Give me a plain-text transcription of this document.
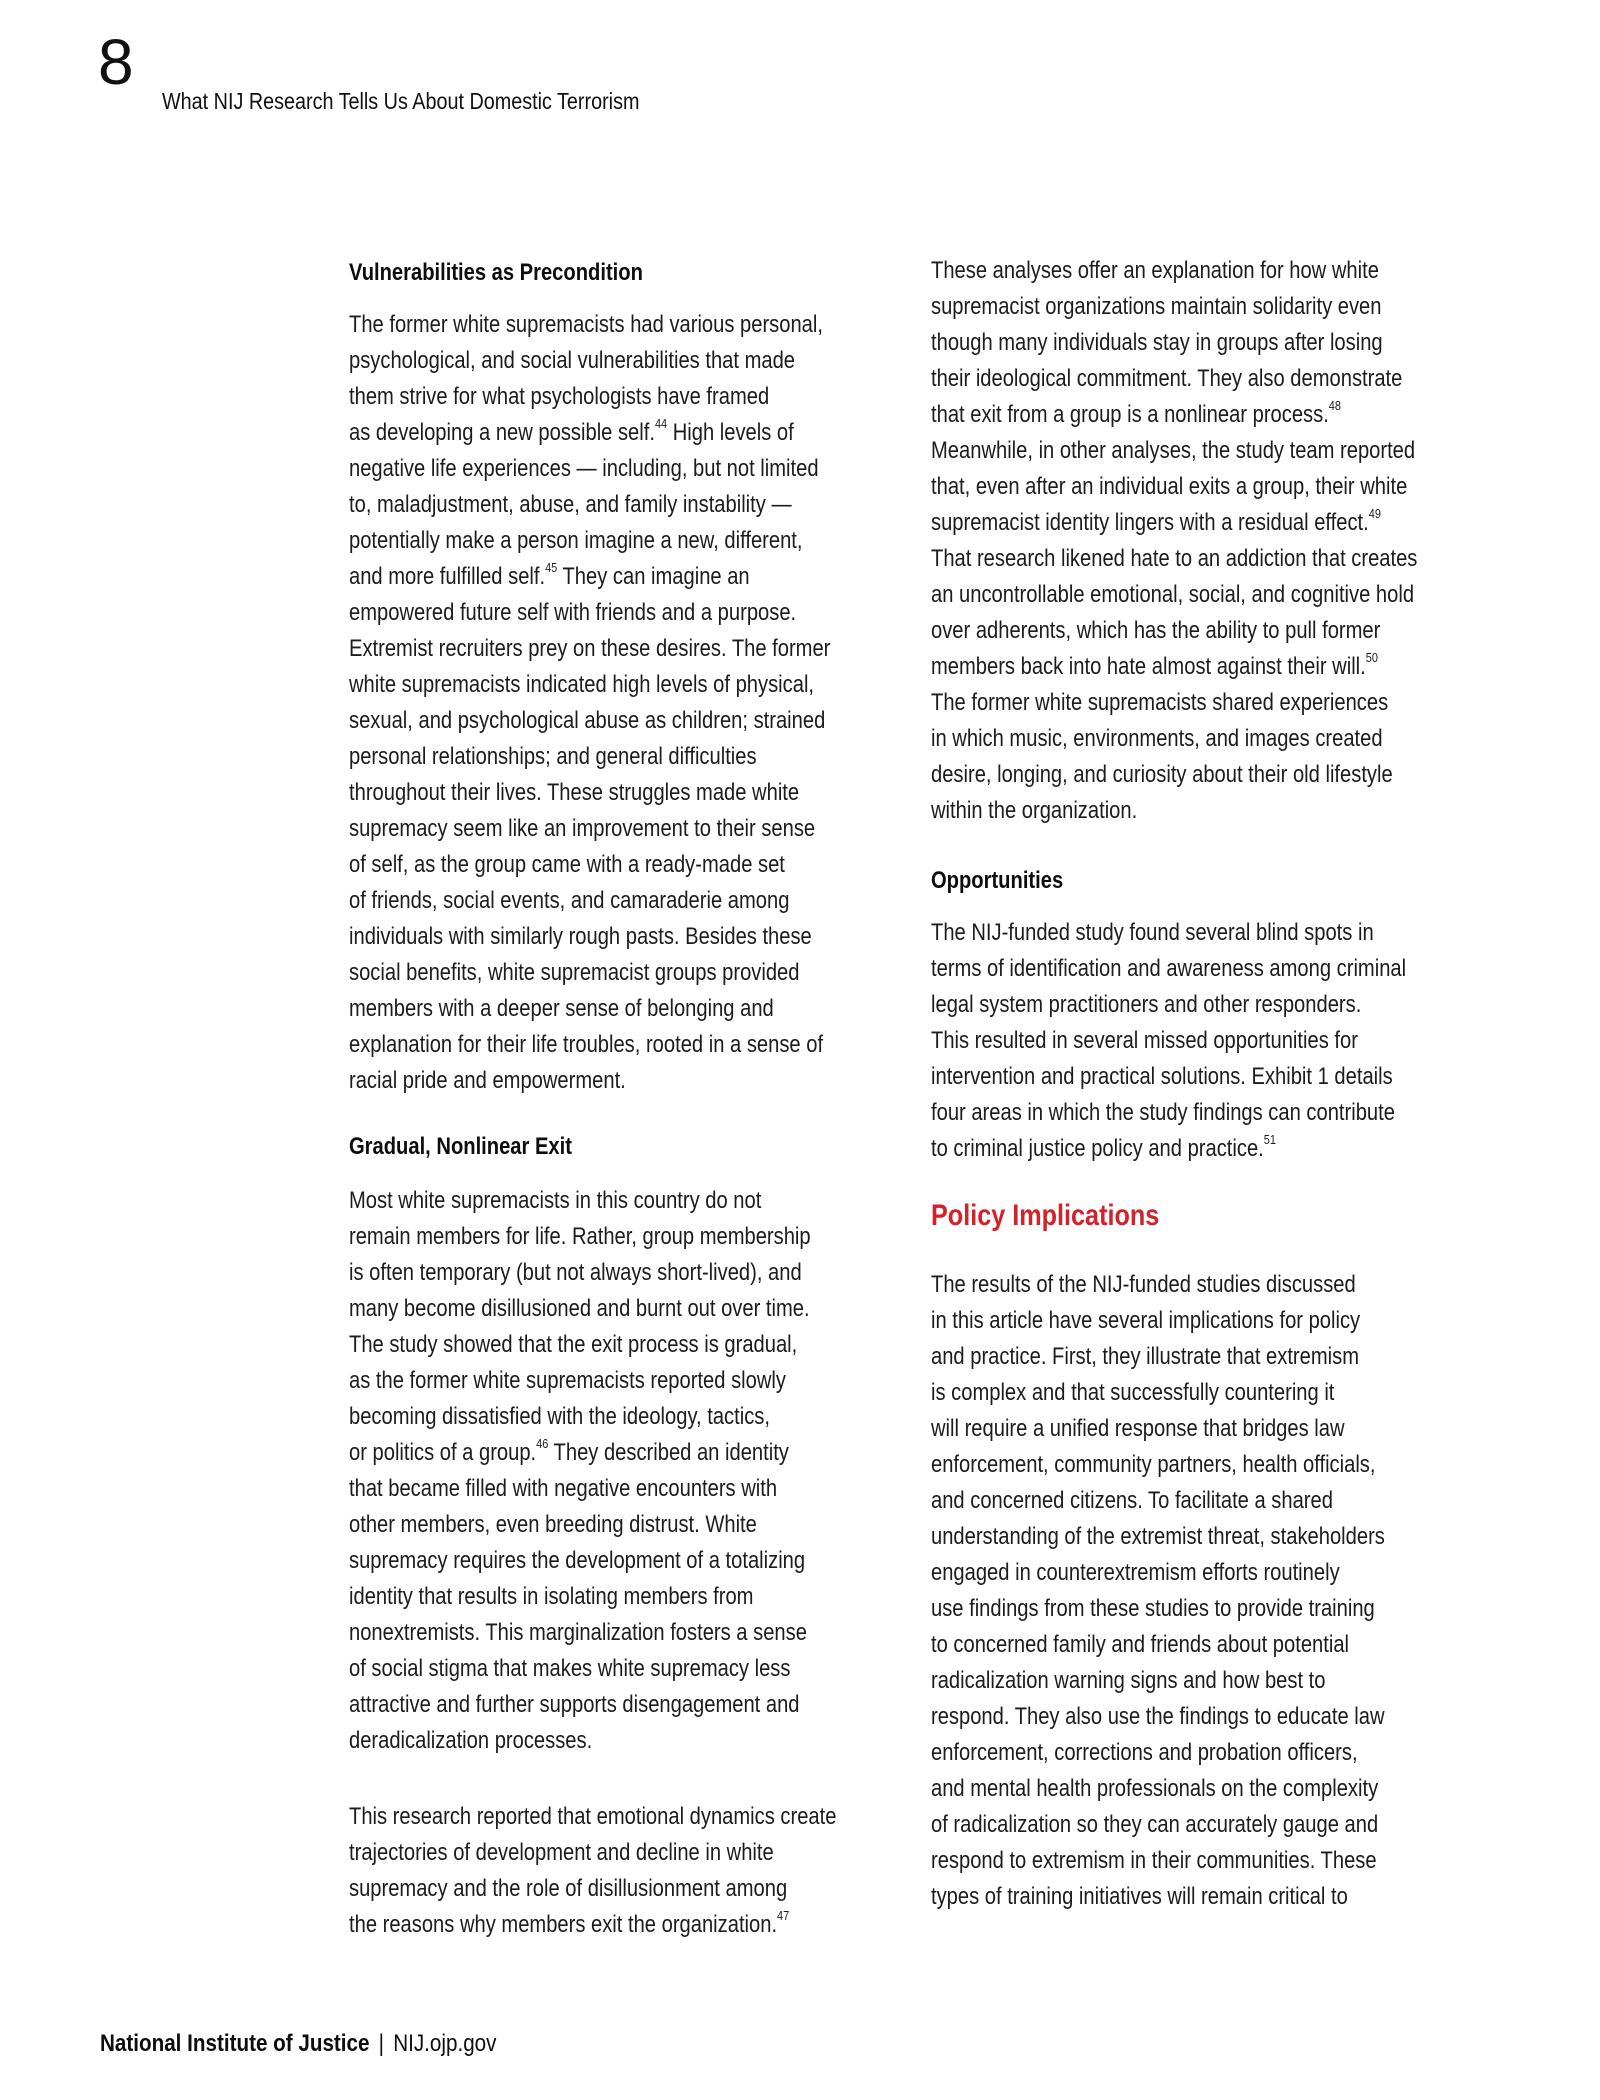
8
What NIJ Research Tells Us About Domestic Terrorism
Vulnerabilities as Precondition
The former white supremacists had various personal,
psychological, and social vulnerabilities that made
them strive for what psychologists have framed
as developing a new possible self.$^{44}$ High levels of
negative life experiences — including, but not limited
to, maladjustment, abuse, and family instability —
potentially make a person imagine a new, different,
and more fulfilled self.$^{45}$ They can imagine an
empowered future self with friends and a purpose.
Extremist recruiters prey on these desires. The former
white supremacists indicated high levels of physical,
sexual, and psychological abuse as children; strained
personal relationships; and general difficulties
throughout their lives. These struggles made white
supremacy seem like an improvement to their sense
of self, as the group came with a ready-made set
of friends, social events, and camaraderie among
individuals with similarly rough pasts. Besides these
social benefits, white supremacist groups provided
members with a deeper sense of belonging and
explanation for their life troubles, rooted in a sense of
racial pride and empowerment.
Gradual, Nonlinear Exit
Most white supremacists in this country do not
remain members for life. Rather, group membership
is often temporary (but not always short-lived), and
many become disillusioned and burnt out over time.
The study showed that the exit process is gradual,
as the former white supremacists reported slowly
becoming dissatisfied with the ideology, tactics,
or politics of a group.$^{46}$ They described an identity
that became filled with negative encounters with
other members, even breeding distrust. White
supremacy requires the development of a totalizing
identity that results in isolating members from
nonextremists. This marginalization fosters a sense
of social stigma that makes white supremacy less
attractive and further supports disengagement and
deradicalization processes.
This research reported that emotional dynamics create
trajectories of development and decline in white
supremacy and the role of disillusionment among
the reasons why members exit the organization.$^{47}$
These analyses offer an explanation for how white
supremacist organizations maintain solidarity even
though many individuals stay in groups after losing
their ideological commitment. They also demonstrate
that exit from a group is a nonlinear process.$^{48}$
Meanwhile, in other analyses, the study team reported
that, even after an individual exits a group, their white
supremacist identity lingers with a residual effect.$^{49}$
That research likened hate to an addiction that creates
an uncontrollable emotional, social, and cognitive hold
over adherents, which has the ability to pull former
members back into hate almost against their will.$^{50}$
The former white supremacists shared experiences
in which music, environments, and images created
desire, longing, and curiosity about their old lifestyle
within the organization.
Opportunities
The NIJ-funded study found several blind spots in
terms of identification and awareness among criminal
legal system practitioners and other responders.
This resulted in several missed opportunities for
intervention and practical solutions. Exhibit 1 details
four areas in which the study findings can contribute
to criminal justice policy and practice.$^{51}$
Policy Implications
The results of the NIJ-funded studies discussed
in this article have several implications for policy
and practice. First, they illustrate that extremism
is complex and that successfully countering it
will require a unified response that bridges law
enforcement, community partners, health officials,
and concerned citizens. To facilitate a shared
understanding of the extremist threat, stakeholders
engaged in counterextremism efforts routinely
use findings from these studies to provide training
to concerned family and friends about potential
radicalization warning signs and how best to
respond. They also use the findings to educate law
enforcement, corrections and probation officers,
and mental health professionals on the complexity
of radicalization so they can accurately gauge and
respond to extremism in their communities. These
types of training initiatives will remain critical to
National Institute of Justice | NIJ.ojp.gov
